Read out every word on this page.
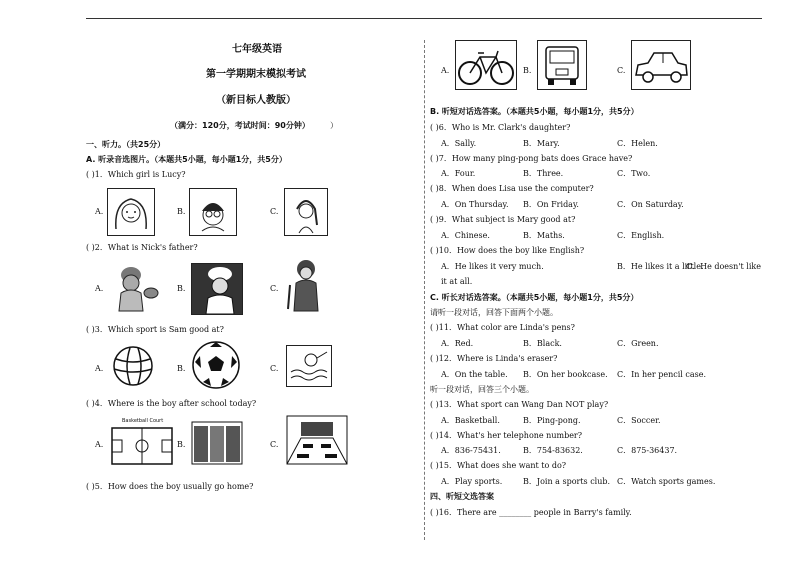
七年级英语
第一学期期末模拟考试
（新目标人教版）
（满分：120分，考试时间：90分钟）	）
一、听力。（共25分）
A. 听录音选图片。（本题共5小题，每小题1分，共5分）
( )1．Which girl is Lucy?
A.	B.	C.
( )2．What is Nick's father?
A.	B.	C.
( )3．Which sport is Sam good at?
A.	B.	C.
( )4．Where is the boy after school today?
A.
Basketball Court
B.	C.
( )5．How does the boy usually go home?
A.	B.	C.
B. 听短对话选答案。（本题共5小题，每小题1分，共5分）
( )6．Who is Mr. Clark's daughter?
A．Sally.	B．Mary.	C．Helen.
( )7．How many ping-pong bats does Grace have?
A．Four.	B．Three.	C．Two.
( )8．When does Lisa use the computer?
A．On Thursday. B．On Friday.	C．On Saturday.
( )9．What subject is Mary good at?
A．Chinese.	B．Maths.	C．English.
( )10．How does the boy like English?
A．He likes it very much.	B．He likes it a little.
C．He doesn't like
it at all.
C. 听长对话选答案。（本题共5小题，每小题1分，共5分）
请听一段对话，回答下面两个小题。
( )11．What color are Linda's pens?
A．Red.	B．Black.	C．Green.
( )12．Where is Linda's eraser?
A．On the table. B．On her bookcase. C．In her pencil case.
听一段对话，回答三个小题。
( )13．What sport can Wang Dan NOT play?
A．Basketball.	B．Ping-pong.	C．Soccer.
( )14．What's her telephone number?
A．836-75431.	B．754-83632.	C．875-36437.
( )15．What does she want to do?
A．Play sports.	B．Join a sports club. C．Watch sports games.
四、听短文选答案
( )16．There are ________ people in Barry's family.
